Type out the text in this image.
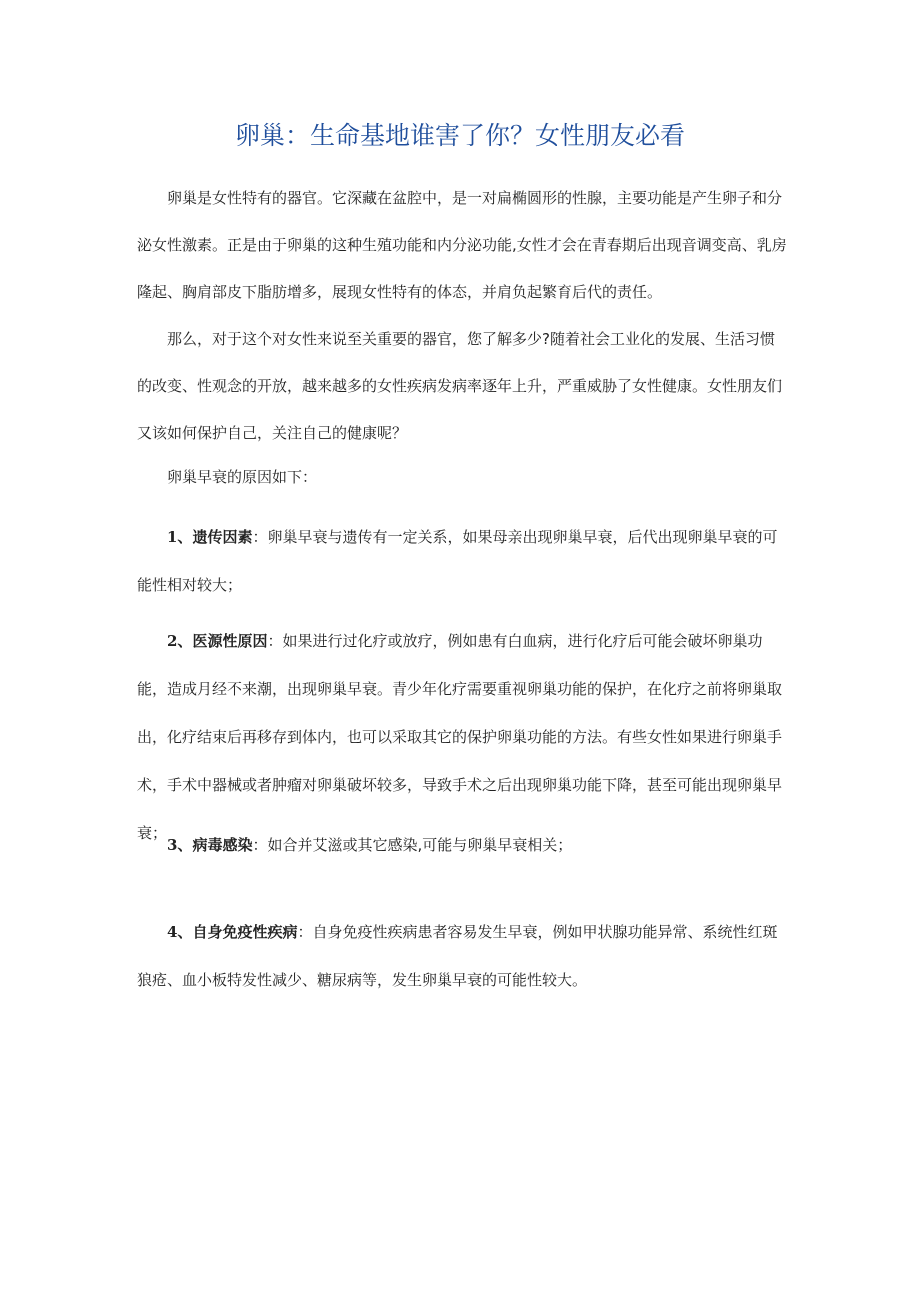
卵巢：生命基地谁害了你？女性朋友必看

卵巢是女性特有的器官。它深藏在盆腔中，是一对扁椭圆形的性腺，主要功能是产生卵子和分泌女性激素。正是由于卵巢的这种生殖功能和内分泌功能,女性才会在青春期后出现音调变高、乳房隆起、胸肩部皮下脂肪增多，展现女性特有的体态，并肩负起繁育后代的责任。

那么，对于这个对女性来说至关重要的器官，您了解多少?随着社会工业化的发展、生活习惯的改变、性观念的开放，越来越多的女性疾病发病率逐年上升，严重威胁了女性健康。女性朋友们又该如何保护自己，关注自己的健康呢？

卵巢早衰的原因如下：

1、遗传因素：卵巢早衰与遗传有一定关系，如果母亲出现卵巢早衰，后代出现卵巢早衰的可能性相对较大；

2、医源性原因：如果进行过化疗或放疗，例如患有白血病，进行化疗后可能会破坏卵巢功能，造成月经不来潮，出现卵巢早衰。青少年化疗需要重视卵巢功能的保护，在化疗之前将卵巢取出，化疗结束后再移存到体内，也可以采取其它的保护卵巢功能的方法。有些女性如果进行卵巢手术，手术中器械或者肿瘤对卵巢破坏较多，导致手术之后出现卵巢功能下降，甚至可能出现卵巢早衰；

3、病毒感染：如合并艾滋或其它感染,可能与卵巢早衰相关；

4、自身免疫性疾病：自身免疫性疾病患者容易发生早衰，例如甲状腺功能异常、系统性红斑狼疮、血小板特发性减少、糖尿病等，发生卵巢早衰的可能性较大。
